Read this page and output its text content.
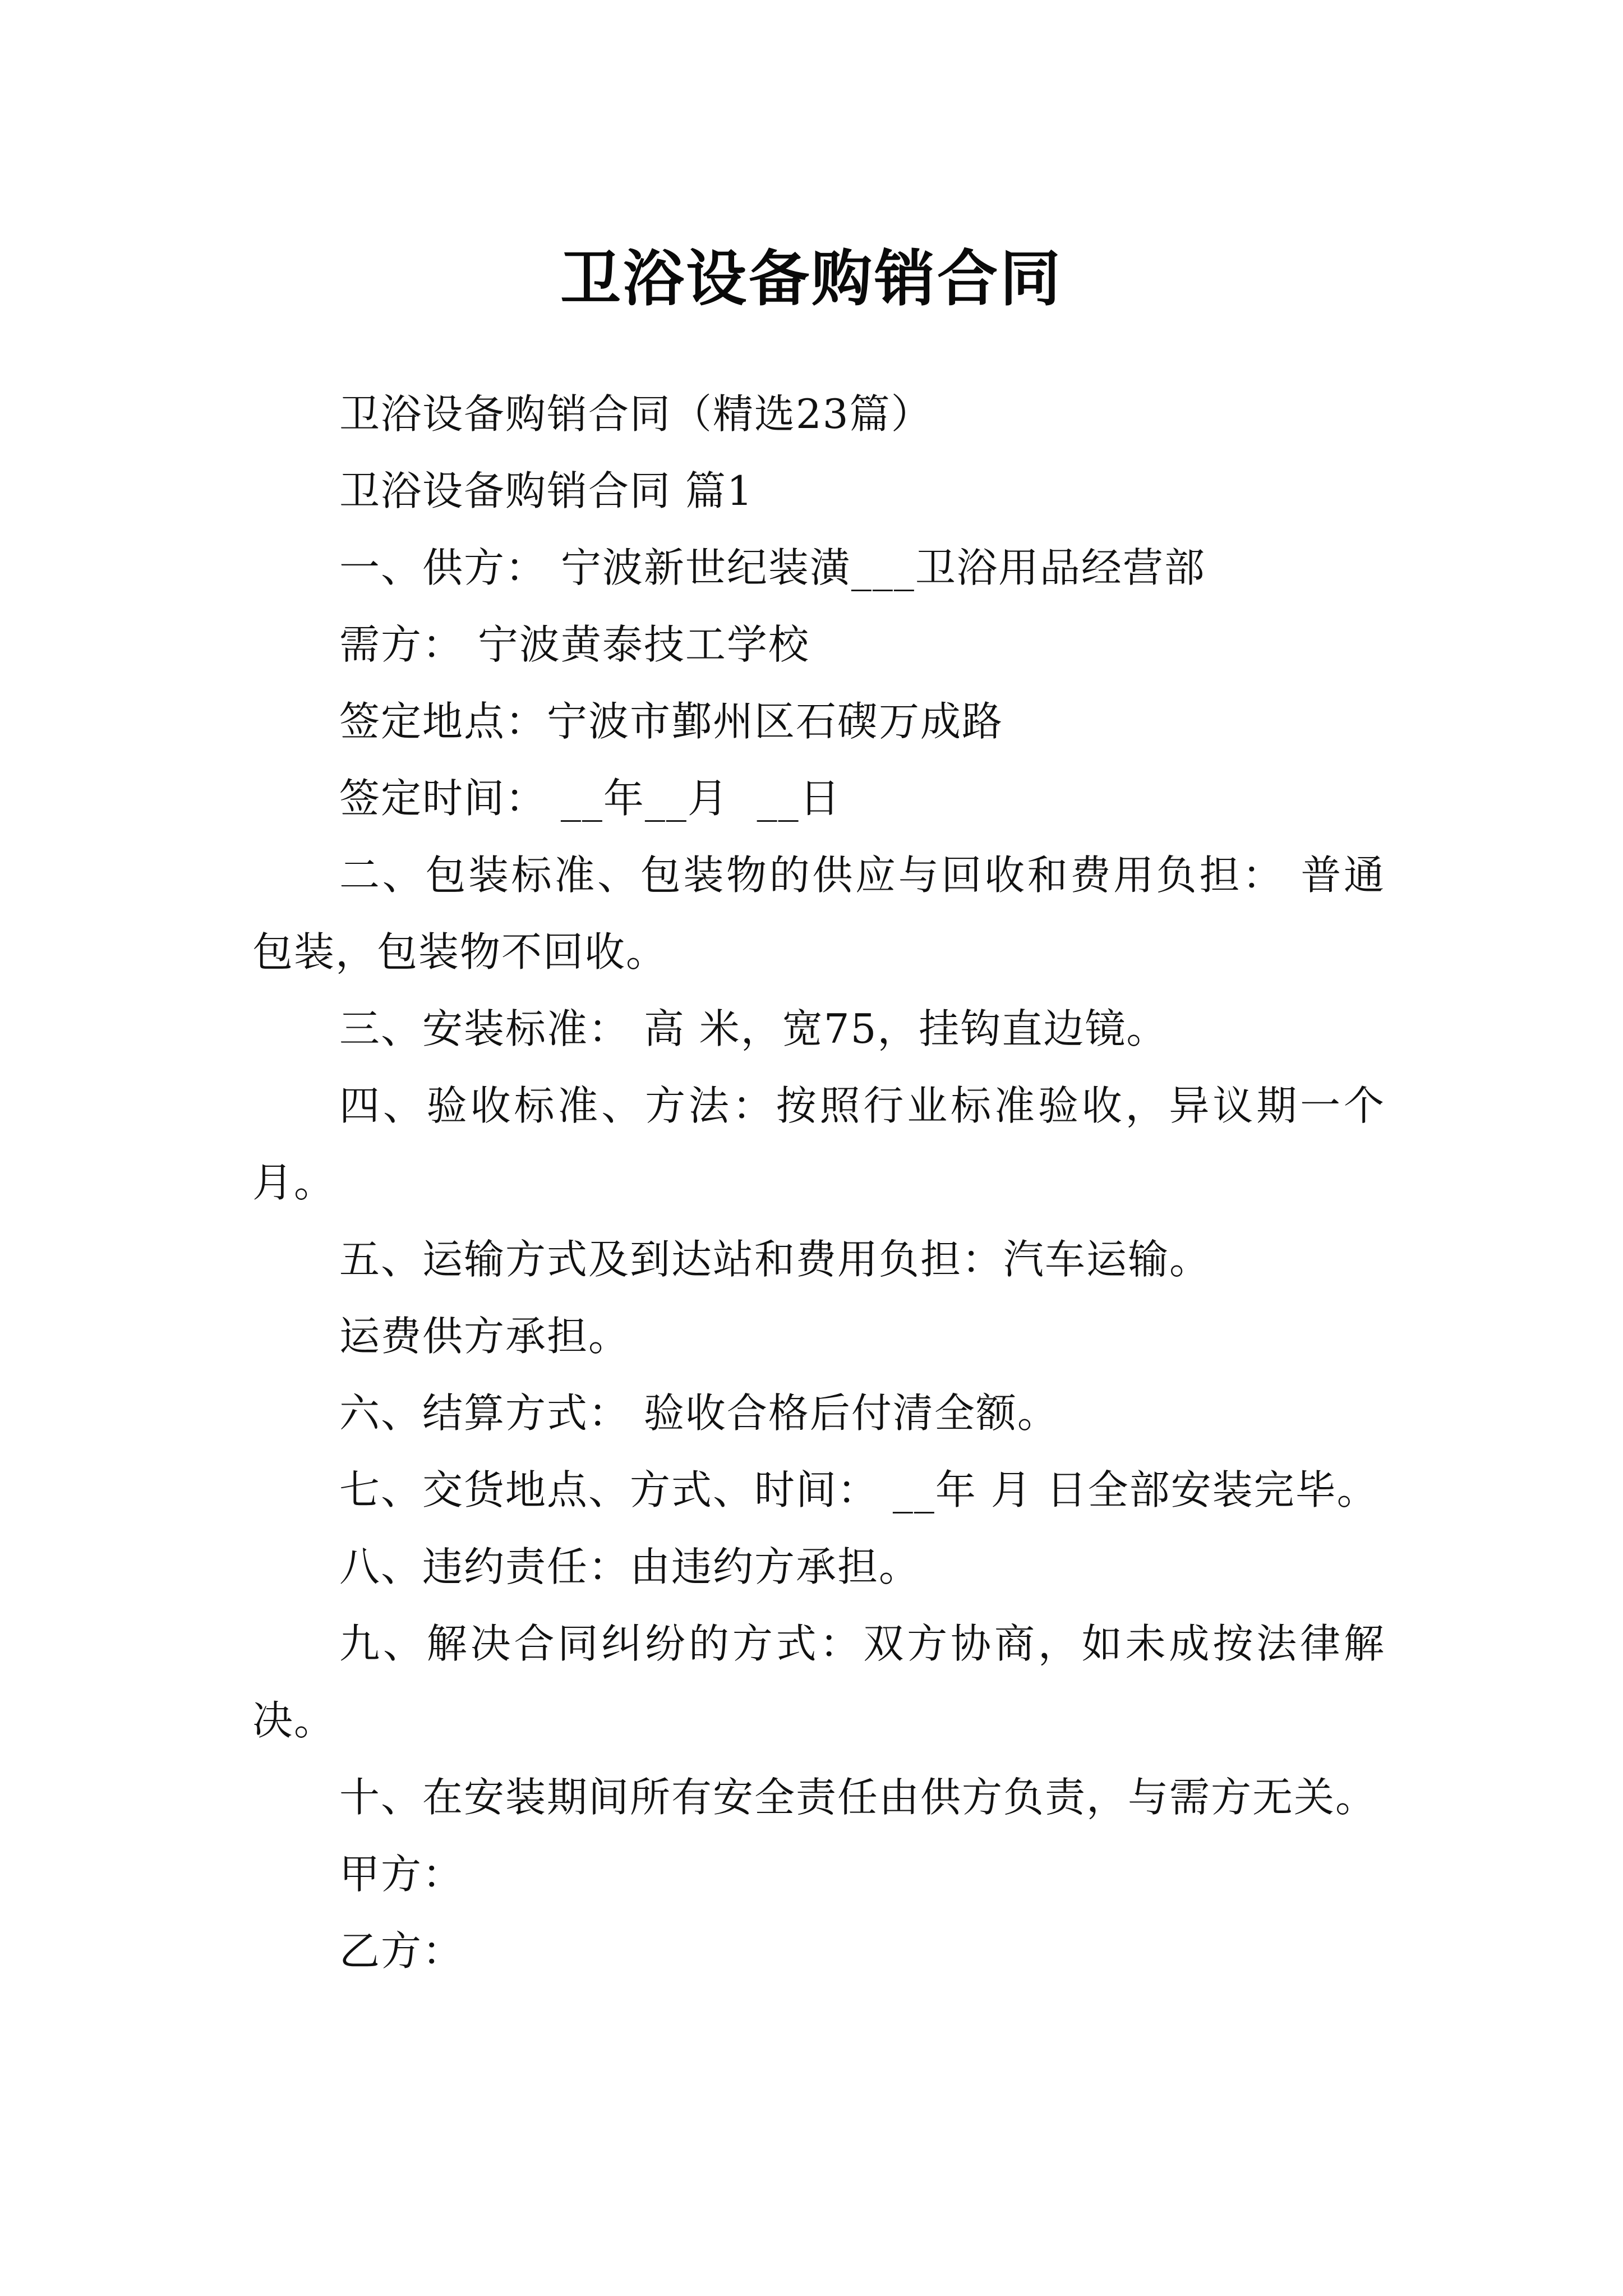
卫浴设备购销合同

卫浴设备购销合同（精选23篇）

卫浴设备购销合同 篇1

一、供方： 宁波新世纪装潢___卫浴用品经营部

需方： 宁波黄泰技工学校

签定地点：宁波市鄞州区石碶万成路

签定时间： __年__月  __日

二、包装标准、包装物的供应与回收和费用负担： 普通包装，包装物不回收。

三、安装标准： 高 米，宽75，挂钩直边镜。

四、验收标准、方法：按照行业标准验收，异议期一个月。

五、运输方式及到达站和费用负担：汽车运输。

运费供方承担。

六、结算方式： 验收合格后付清全额。

七、交货地点、方式、时间： __年 月 日全部安装完毕。

八、违约责任：由违约方承担。

九、解决合同纠纷的方式：双方协商，如未成按法律解决。

十、在安装期间所有安全责任由供方负责，与需方无关。

甲方：

乙方：
